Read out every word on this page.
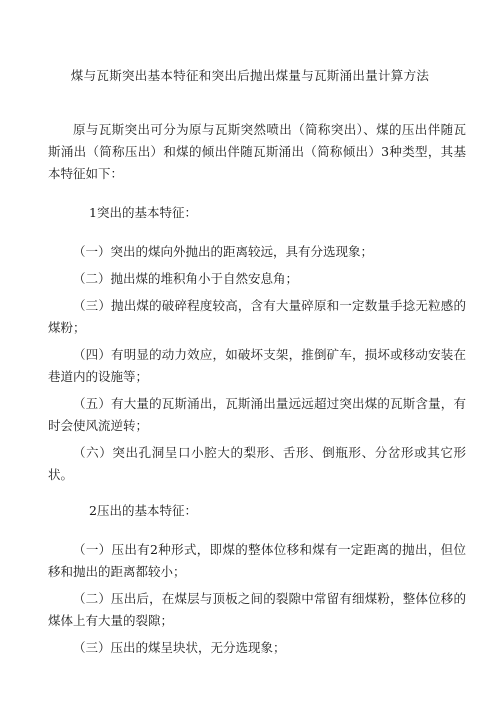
煤与瓦斯突出基本特征和突出后抛出煤量与瓦斯涌出量计算方法

原与瓦斯突出可分为原与瓦斯突然喷出（简称突出）、煤的压出伴随瓦斯涌出（简称压出）和煤的倾出伴随瓦斯涌出（简称倾出）3种类型，其基本特征如下：

1突出的基本特征：

（一）突出的煤向外抛出的距离较远，具有分选现象；

（二）抛出煤的堆积角小于自然安息角；

（三）抛出煤的破碎程度较高，含有大量碎原和一定数量手捻无粒感的煤粉；

（四）有明显的动力效应，如破坏支架，推倒矿车，损坏或移动安装在巷道内的设施等；

（五）有大量的瓦斯涌出，瓦斯涌出量远远超过突出煤的瓦斯含量，有时会使风流逆转；

（六）突出孔洞呈口小腔大的梨形、舌形、倒瓶形、分岔形或其它形状。

2压出的基本特征：

（一）压出有2种形式，即煤的整体位移和煤有一定距离的抛出，但位移和抛出的距离都较小；

（二）压出后，在煤层与顶板之间的裂隙中常留有细煤粉，整体位移的煤体上有大量的裂隙；

（三）压出的煤呈块状，无分选现象；
